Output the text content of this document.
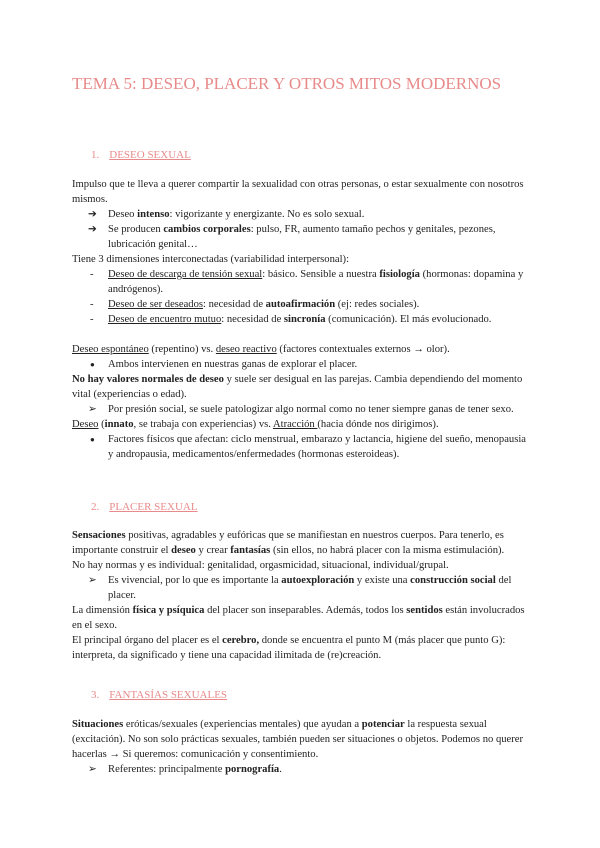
TEMA 5: DESEO, PLACER Y OTROS MITOS MODERNOS
1. DESEO SEXUAL

Impulso que te lleva a querer compartir la sexualidad con otras personas, o estar sexualmente con nosotros mismos.

➔ Deseo intenso: vigorizante y energizante. No es solo sexual.
➔ Se producen cambios corporales: pulso, FR, aumento tamaño pechos y genitales, pezones, lubricación genital…

Tiene 3 dimensiones interconectadas (variabilidad interpersonal):

- Deseo de descarga de tensión sexual: básico. Sensible a nuestra fisiología (hormonas: dopamina y andrógenos).
- Deseo de ser deseados: necesidad de autoafirmación (ej: redes sociales).
- Deseo de encuentro mutuo: necesidad de sincronía (comunicación). El más evolucionado.

Deseo espontáneo (repentino) vs. deseo reactivo (factores contextuales externos → olor).

● Ambos intervienen en nuestras ganas de explorar el placer.

No hay valores normales de deseo y suele ser desigual en las parejas. Cambia dependiendo del momento vital (experiencias o edad).

➢ Por presión social, se suele patologizar algo normal como no tener siempre ganas de tener sexo.

Deseo (innato, se trabaja con experiencias) vs. Atracción (hacia dónde nos dirigimos).

● Factores físicos que afectan: ciclo menstrual, embarazo y lactancia, higiene del sueño, menopausia y andropausia, medicamentos/enfermedades (hormonas esteroideas).
2. PLACER SEXUAL

Sensaciones positivas, agradables y eufóricas que se manifiestan en nuestros cuerpos. Para tenerlo, es importante construir el deseo y crear fantasías (sin ellos, no habrá placer con la misma estimulación).

No hay normas y es individual: genitalidad, orgasmicidad, situacional, individual/grupal.

➢ Es vivencial, por lo que es importante la autoexploración y existe una construcción social del placer.

La dimensión física y psíquica del placer son inseparables. Además, todos los sentidos están involucrados en el sexo.

El principal órgano del placer es el cerebro, donde se encuentra el punto M (más placer que punto G): interpreta, da significado y tiene una capacidad ilimitada de (re)creación.

3. FANTASÍAS SEXUALES

Situaciones eróticas/sexuales (experiencias mentales) que ayudan a potenciar la respuesta sexual (excitación). No son solo prácticas sexuales, también pueden ser situaciones o objetos. Podemos no querer hacerlas → Si queremos: comunicación y consentimiento.

➢ Referentes: principalmente pornografía.
